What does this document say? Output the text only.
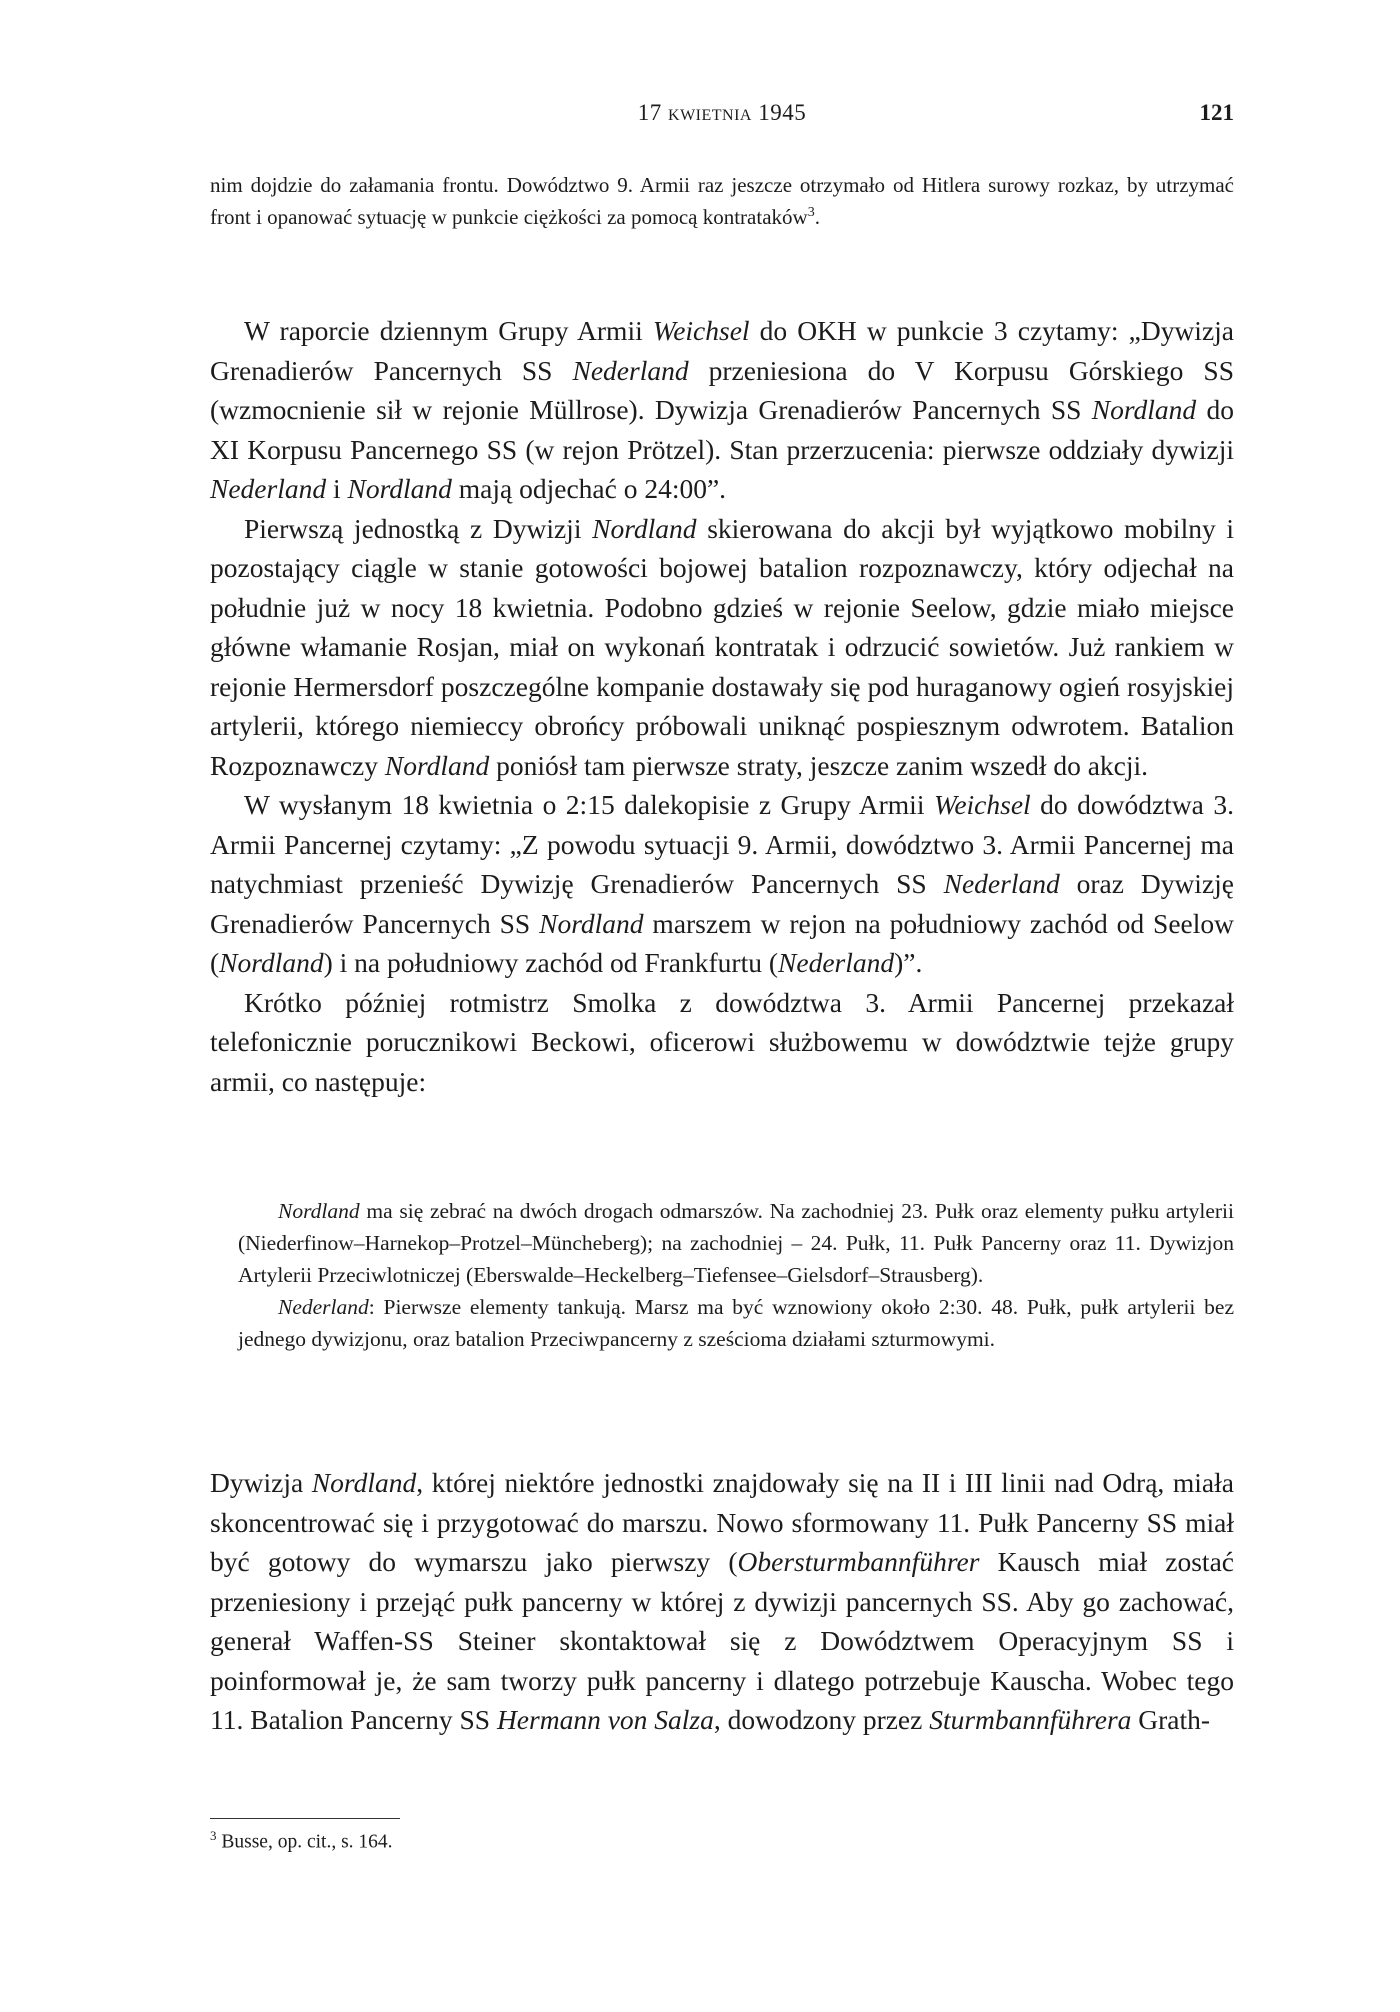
17 kwietnia 1945	121
nim dojdzie do załamania frontu. Dowództwo 9. Armii raz jeszcze otrzymało od Hitlera surowy rozkaz, by utrzymać front i opanować sytuację w punkcie ciężkości za pomocą kontrataków$^3$.

W raporcie dziennym Grupy Armii Weichsel do OKH w punkcie 3 czytamy: „Dywizja Grenadierów Pancernych SS Nederland przeniesiona do V Korpusu Górskiego SS (wzmocnienie sił w rejonie Müllrose). Dywizja Grenadierów Pancernych SS Nordland do XI Korpusu Pancernego SS (w rejon Prötzel). Stan przerzucenia: pierwsze oddziały dywizji Nederland i Nordland mają odjechać o 24:00”.

Pierwszą jednostką z Dywizji Nordland skierowana do akcji był wyjątkowo mobilny i pozostający ciągle w stanie gotowości bojowej batalion rozpoznawczy, który odjechał na południe już w nocy 18 kwietnia. Podobno gdzieś w rejonie Seelow, gdzie miało miejsce główne włamanie Rosjan, miał on wykonań kontratak i odrzucić sowietów. Już rankiem w rejonie Hermersdorf poszczególne kompanie dostawały się pod huraganowy ogień rosyjskiej artylerii, którego niemieccy obrońcy próbowali uniknąć pospiesznym odwrotem. Batalion Rozpoznawczy Nordland poniósł tam pierwsze straty, jeszcze zanim wszedł do akcji.

W wysłanym 18 kwietnia o 2:15 dalekopisie z Grupy Armii Weichsel do dowództwa 3. Armii Pancernej czytamy: „Z powodu sytuacji 9. Armii, dowództwo 3. Armii Pancernej ma natychmiast przenieść Dywizję Grenadierów Pancernych SS Nederland oraz Dywizję Grenadierów Pancernych SS Nordland marszem w rejon na południowy zachód od Seelow (Nordland) i na południowy zachód od Frankfurtu (Nederland)”.

Krótko później rotmistrz Smolka z dowództwa 3. Armii Pancernej przekazał telefonicznie porucznikowi Beckowi, oficerowi służbowemu w dowództwie tejże grupy armii, co następuje:

Nordland ma się zebrać na dwóch drogach odmarszów. Na zachodniej 23. Pułk oraz elementy pułku artylerii (Niederfinow–Harnekop–Protzel–Müncheberg); na zachodniej – 24. Pułk, 11. Pułk Pancerny oraz 11. Dywizjon Artylerii Przeciwlotniczej (Eberswalde–Heckelberg–Tiefensee–Gielsdorf–Strausberg).

Nederland: Pierwsze elementy tankują. Marsz ma być wznowiony około 2:30. 48. Pułk, pułk artylerii bez jednego dywizjonu, oraz batalion Przeciwpancerny z sześcioma działami szturmowymi.

Dywizja Nordland, której niektóre jednostki znajdowały się na II i III linii nad Odrą, miała skoncentrować się i przygotować do marszu. Nowo sformowany 11. Pułk Pancerny SS miał być gotowy do wymarszu jako pierwszy (Obersturmbannführer Kausch miał zostać przeniesiony i przejąć pułk pancerny w której z dywizji pancernych SS. Aby go zachować, generał Waffen-SS Steiner skontaktował się z Dowództwem Operacyjnym SS i poinformował je, że sam tworzy pułk pancerny i dlatego potrzebuje Kauscha. Wobec tego 11. Batalion Pancerny SS Hermann von Salza, dowodzony przez Sturmbannführera Grath-

$^3$ Busse, op. cit., s. 164.
